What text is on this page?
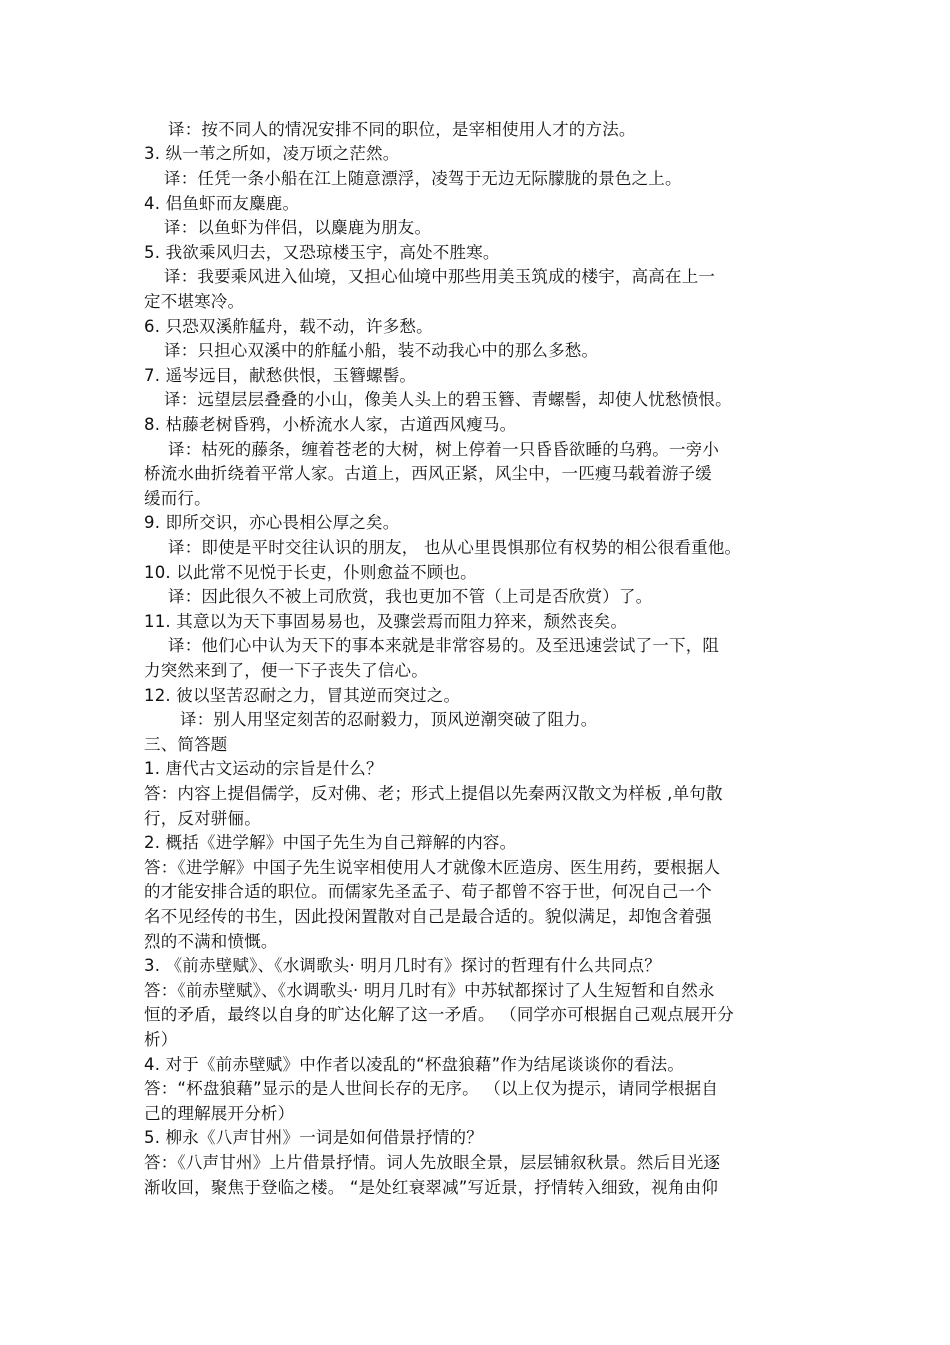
译：按不同人的情况安排不同的职位，是宰相使用人才的方法。
3. 纵一苇之所如，凌万顷之茫然。
译：任凭一条小船在江上随意漂浮，凌驾于无边无际朦胧的景色之上。
4. 侣鱼虾而友麋鹿。
译：以鱼虾为伴侣，以麋鹿为朋友。
5. 我欲乘风归去，又恐琼楼玉宇，高处不胜寒。
译：我要乘风进入仙境，又担心仙境中那些用美玉筑成的楼宇，高高在上一
定不堪寒冷。
6. 只恐双溪舴艋舟，载不动，许多愁。
译：只担心双溪中的舴艋小船，装不动我心中的那么多愁。
7. 遥岑远目，献愁供恨，玉簪螺髻。
译：远望层层叠叠的小山，像美人头上的碧玉簪、青螺髻，却使人忧愁愤恨。
8. 枯藤老树昏鸦，小桥流水人家，古道西风瘦马。
译：枯死的藤条，缠着苍老的大树，树上停着一只昏昏欲睡的乌鸦。一旁小
桥流水曲折绕着平常人家。古道上，西风正紧，风尘中，一匹瘦马载着游子缓
缓而行。
9. 即所交识，亦心畏相公厚之矣。
译：即使是平时交往认识的朋友， 也从心里畏惧那位有权势的相公很看重他。
10. 以此常不见悦于长吏，仆则愈益不顾也。
译：因此很久不被上司欣赏，我也更加不管（上司是否欣赏）了。
11. 其意以为天下事固易易也，及骤尝焉而阻力猝来，颓然丧矣。
译：他们心中认为天下的事本来就是非常容易的。及至迅速尝试了一下，阻
力突然来到了，便一下子丧失了信心。
12. 彼以坚苦忍耐之力，冒其逆而突过之。
译：别人用坚定刻苦的忍耐毅力，顶风逆潮突破了阻力。
三、简答题
1. 唐代古文运动的宗旨是什么？
答：内容上提倡儒学，反对佛、老；形式上提倡以先秦两汉散文为样板 ,单句散
行，反对骈俪。
2. 概括《进学解》中国子先生为自己辩解的内容。
答：《进学解》中国子先生说宰相使用人才就像木匠造房、医生用药，要根据人
的才能安排合适的职位。而儒家先圣孟子、荀子都曾不容于世，何况自己一个
名不见经传的书生，因此投闲置散对自己是最合适的。貌似满足，却饱含着强
烈的不满和愤慨。
3. 《前赤壁赋》、《水调歌头· 明月几时有》探讨的哲理有什么共同点？
答：《前赤壁赋》、《水调歌头· 明月几时有》中苏轼都探讨了人生短暂和自然永
恒的矛盾，最终以自身的旷达化解了这一矛盾。 （同学亦可根据自己观点展开分
析）
4. 对于《前赤壁赋》中作者以凌乱的“杯盘狼藉”作为结尾谈谈你的看法。
答：“杯盘狼藉”显示的是人世间长存的无序。 （以上仅为提示，请同学根据自
己的理解展开分析）
5. 柳永《八声甘州》一词是如何借景抒情的？
答：《八声甘州》上片借景抒情。词人先放眼全景，层层铺叙秋景。然后目光逐
渐收回，聚焦于登临之楼。 “是处红衰翠减”写近景，抒情转入细致，视角由仰
